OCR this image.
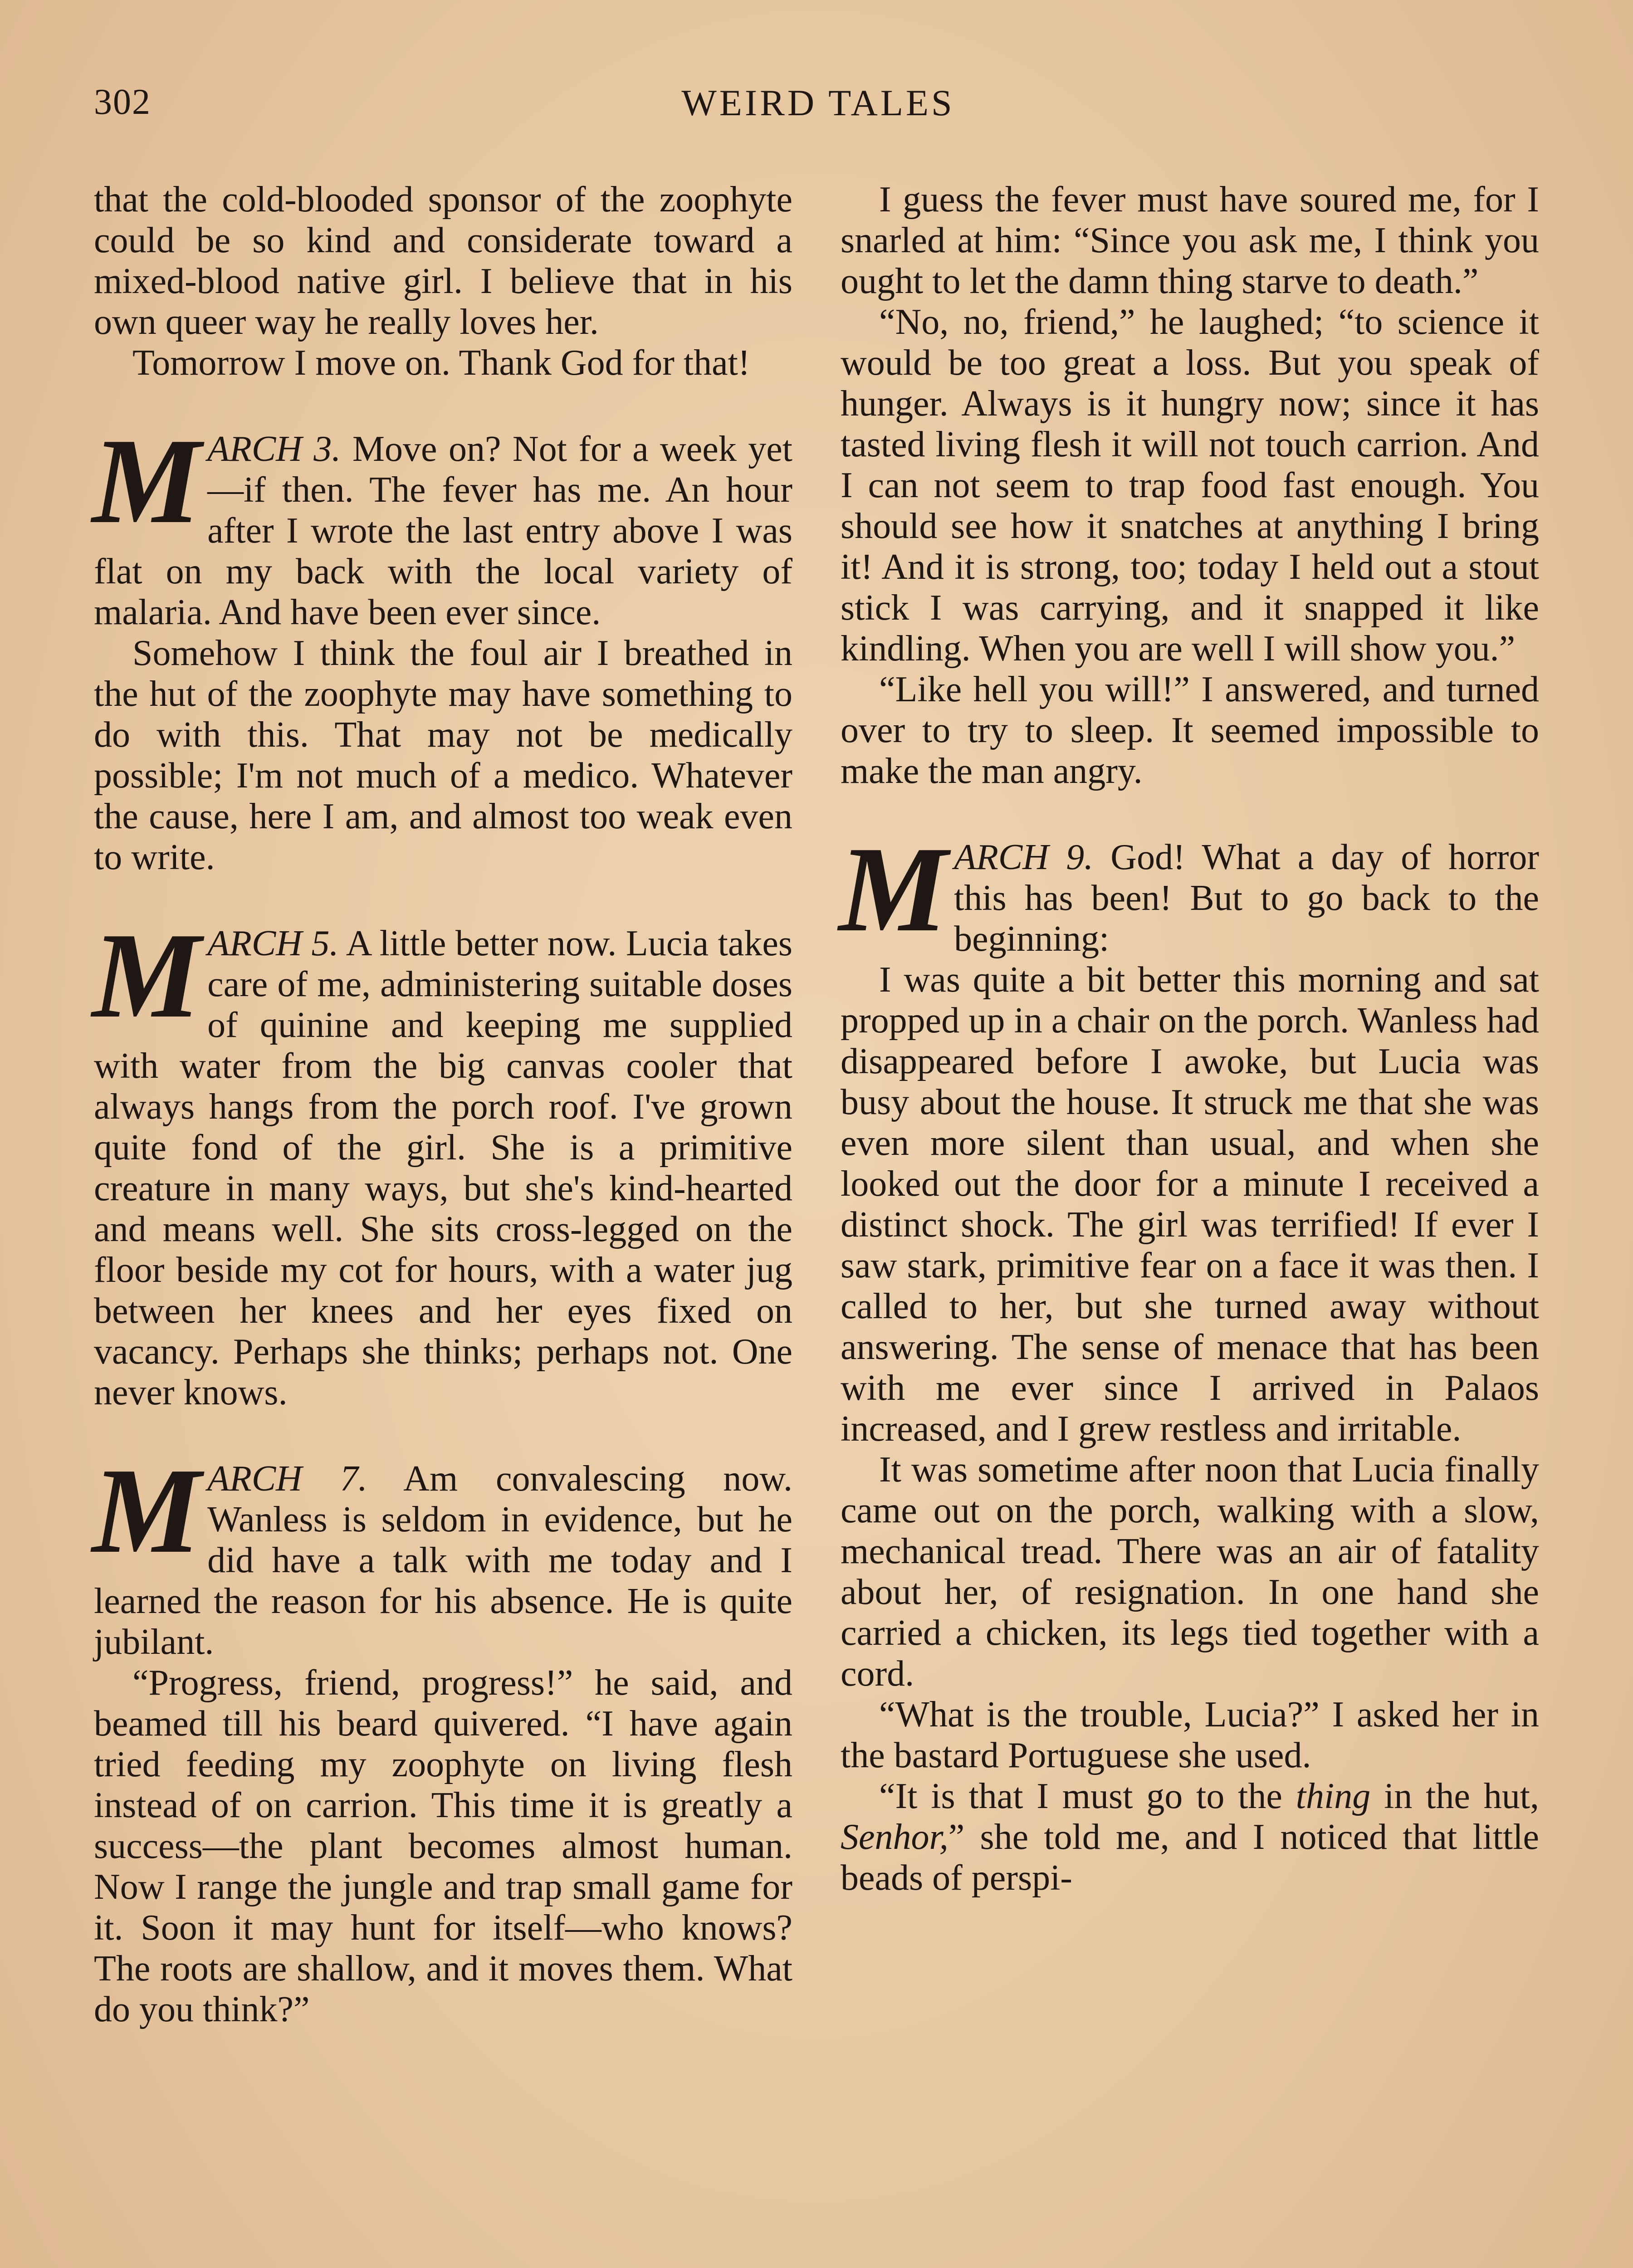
302	WEIRD TALES

that the cold-blooded sponsor of the zoophyte could be so kind and considerate toward a mixed-blood native girl. I believe that in his own queer way he really loves her.

Tomorrow I move on. Thank God for that!

MARCH 3. Move on? Not for a week yet—if then. The fever has me. An hour after I wrote the last entry above I was flat on my back with the local variety of malaria. And have been ever since.

Somehow I think the foul air I breathed in the hut of the zoophyte may have something to do with this. That may not be medically possible; I'm not much of a medico. Whatever the cause, here I am, and almost too weak even to write.

MARCH 5. A little better now. Lucia takes care of me, administering suitable doses of quinine and keeping me supplied with water from the big canvas cooler that always hangs from the porch roof. I've grown quite fond of the girl. She is a primitive creature in many ways, but she's kind-hearted and means well. She sits cross-legged on the floor beside my cot for hours, with a water jug between her knees and her eyes fixed on vacancy. Perhaps she thinks; perhaps not. One never knows.

MARCH 7. Am convalescing now. Wanless is seldom in evidence, but he did have a talk with me today and I learned the reason for his absence. He is quite jubilant.

“Progress, friend, progress!” he said, and beamed till his beard quivered. “I have again tried feeding my zoophyte on living flesh instead of on carrion. This time it is greatly a success—the plant becomes almost human. Now I range the jungle and trap small game for it. Soon it may hunt for itself—who knows? The roots are shallow, and it moves them. What do you think?”

I guess the fever must have soured me, for I snarled at him: “Since you ask me, I think you ought to let the damn thing starve to death.”

“No, no, friend,” he laughed; “to science it would be too great a loss. But you speak of hunger. Always is it hungry now; since it has tasted living flesh it will not touch carrion. And I can not seem to trap food fast enough. You should see how it snatches at anything I bring it! And it is strong, too; today I held out a stout stick I was carrying, and it snapped it like kindling. When you are well I will show you.”

“Like hell you will!” I answered, and turned over to try to sleep. It seemed impossible to make the man angry.

MARCH 9. God! What a day of horror this has been! But to go back to the beginning:

I was quite a bit better this morning and sat propped up in a chair on the porch. Wanless had disappeared before I awoke, but Lucia was busy about the house. It struck me that she was even more silent than usual, and when she looked out the door for a minute I received a distinct shock. The girl was terrified! If ever I saw stark, primitive fear on a face it was then. I called to her, but she turned away without answering. The sense of menace that has been with me ever since I arrived in Palaos increased, and I grew restless and irritable.

It was sometime after noon that Lucia finally came out on the porch, walking with a slow, mechanical tread. There was an air of fatality about her, of resignation. In one hand she carried a chicken, its legs tied together with a cord.

“What is the trouble, Lucia?” I asked her in the bastard Portuguese she used.

“It is that I must go to the thing in the hut, Senhor,” she told me, and I noticed that little beads of perspi-
